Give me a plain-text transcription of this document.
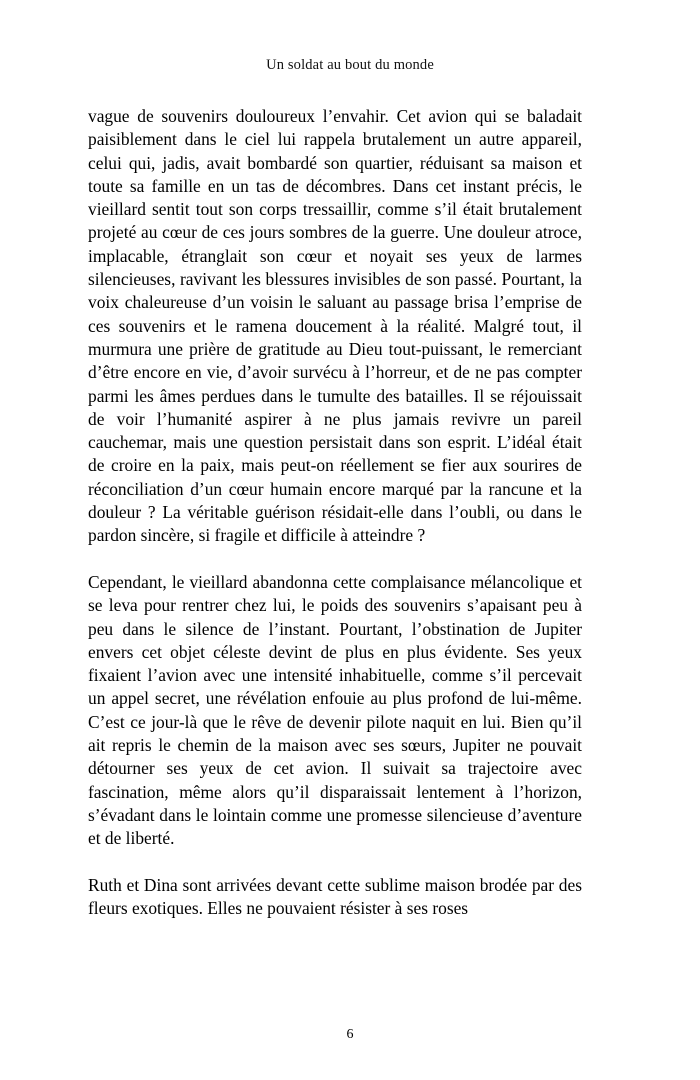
Un soldat au bout du monde

vague de souvenirs douloureux l’envahir. Cet avion qui se baladait paisiblement dans le ciel lui rappela brutalement un autre appareil, celui qui, jadis, avait bombardé son quartier, réduisant sa maison et toute sa famille en un tas de décombres. Dans cet instant précis, le vieillard sentit tout son corps tressaillir, comme s’il était brutalement projeté au cœur de ces jours sombres de la guerre. Une douleur atroce, implacable, étranglait son cœur et noyait ses yeux de larmes silencieuses, ravivant les blessures invisibles de son passé. Pourtant, la voix chaleureuse d’un voisin le saluant au passage brisa l’emprise de ces souvenirs et le ramena doucement à la réalité. Malgré tout, il murmura une prière de gratitude au Dieu tout-puissant, le remerciant d’être encore en vie, d’avoir survécu à l’horreur, et de ne pas compter parmi les âmes perdues dans le tumulte des batailles. Il se réjouissait de voir l’humanité aspirer à ne plus jamais revivre un pareil cauchemar, mais une question persistait dans son esprit. L’idéal était de croire en la paix, mais peut-on réellement se fier aux sourires de réconciliation d’un cœur humain encore marqué par la rancune et la douleur ? La véritable guérison résidait-elle dans l’oubli, ou dans le pardon sincère, si fragile et difficile à atteindre ?

Cependant, le vieillard abandonna cette complaisance mélancolique et se leva pour rentrer chez lui, le poids des souvenirs s’apaisant peu à peu dans le silence de l’instant. Pourtant, l’obstination de Jupiter envers cet objet céleste devint de plus en plus évidente. Ses yeux fixaient l’avion avec une intensité inhabituelle, comme s’il percevait un appel secret, une révélation enfouie au plus profond de lui-même. C’est ce jour-là que le rêve de devenir pilote naquit en lui. Bien qu’il ait repris le chemin de la maison avec ses sœurs, Jupiter ne pouvait détourner ses yeux de cet avion. Il suivait sa trajectoire avec fascination, même alors qu’il disparaissait lentement à l’horizon, s’évadant dans le lointain comme une promesse silencieuse d’aventure et de liberté.

Ruth et Dina sont arrivées devant cette sublime maison brodée par des fleurs exotiques. Elles ne pouvaient résister à ses roses

6
